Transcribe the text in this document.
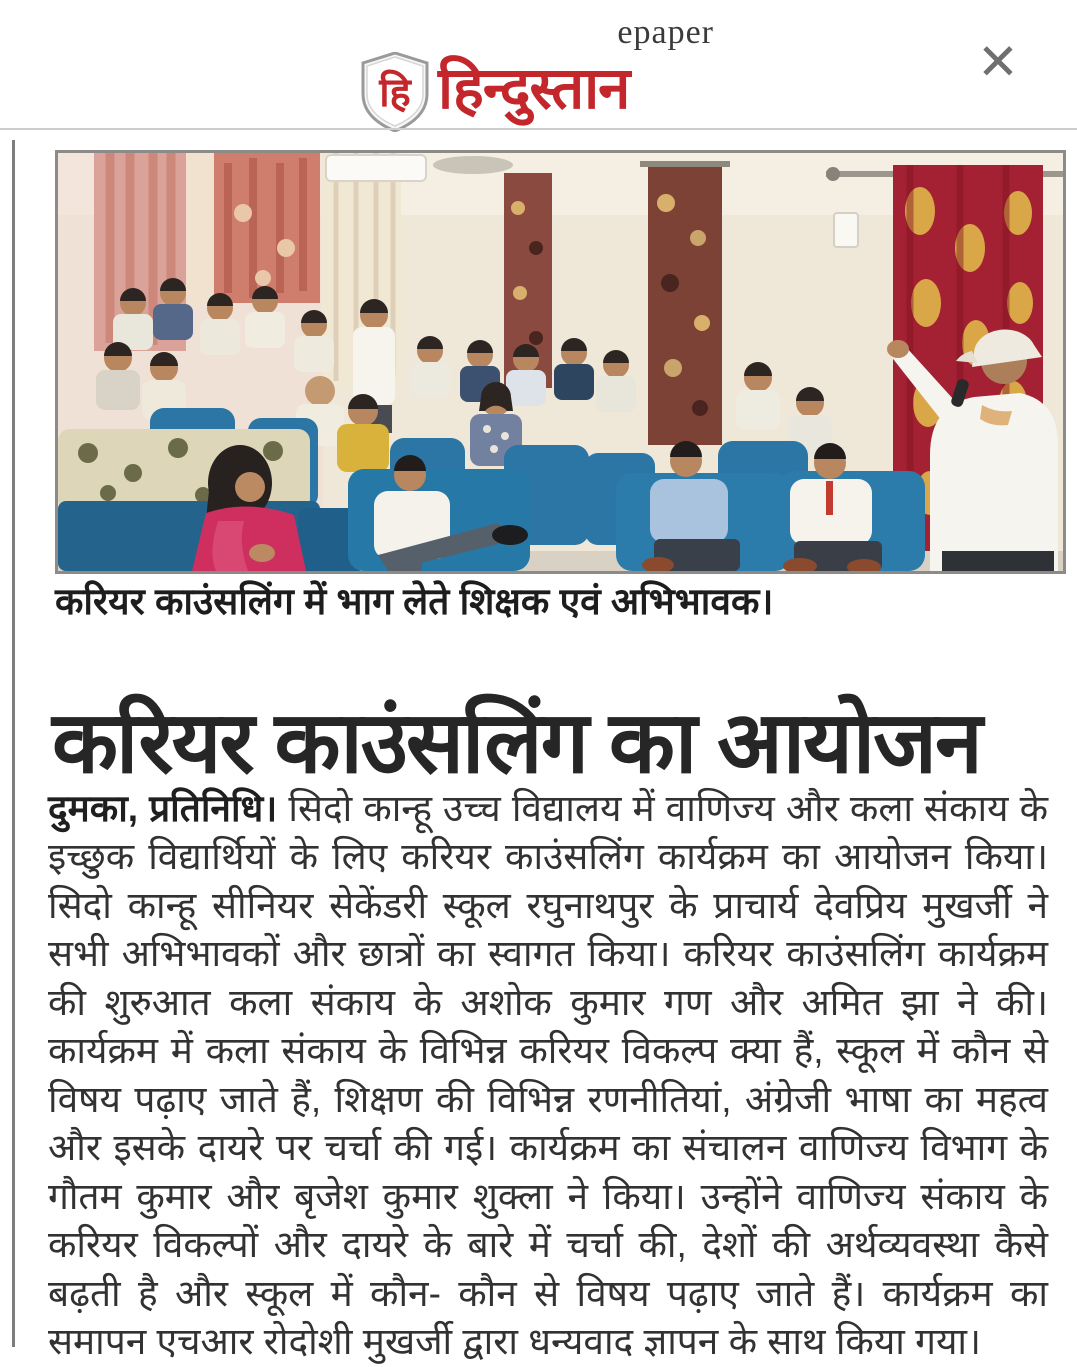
epaper
हि हिन्दुस्तान	✕
करियर काउंसलिंग में भाग लेते शिक्षक एवं अभिभावक।
करियर काउंसलिंग का आयोजन

दुमका, प्रतिनिधि। सिदो कान्हू उच्च विद्यालय में वाणिज्य और कला संकाय के इच्छुक विद्यार्थियों के लिए करियर काउंसलिंग कार्यक्रम का आयोजन किया। सिदो कान्हू सीनियर सेकेंडरी स्कूल रघुनाथपुर के प्राचार्य देवप्रिय मुखर्जी ने सभी अभिभावकों और छात्रों का स्वागत किया। करियर काउंसलिंग कार्यक्रम की शुरुआत कला संकाय के अशोक कुमार गण और अमित झा ने की। कार्यक्रम में कला संकाय के विभिन्न करियर विकल्प क्या हैं, स्कूल में कौन से विषय पढ़ाए जाते हैं, शिक्षण की विभिन्न रणनीतियां, अंग्रेजी भाषा का महत्व और इसके दायरे पर चर्चा की गई। कार्यक्रम का संचालन वाणिज्य विभाग के गौतम कुमार और बृजेश कुमार शुक्ला ने किया। उन्होंने वाणिज्य संकाय के करियर विकल्पों और दायरे के बारे में चर्चा की, देशों की अर्थव्यवस्था कैसे बढ़ती है और स्कूल में कौन- कौन से विषय पढ़ाए जाते हैं। कार्यक्रम का समापन एचआर रोदोशी मुखर्जी द्वारा धन्यवाद ज्ञापन के साथ किया गया।
